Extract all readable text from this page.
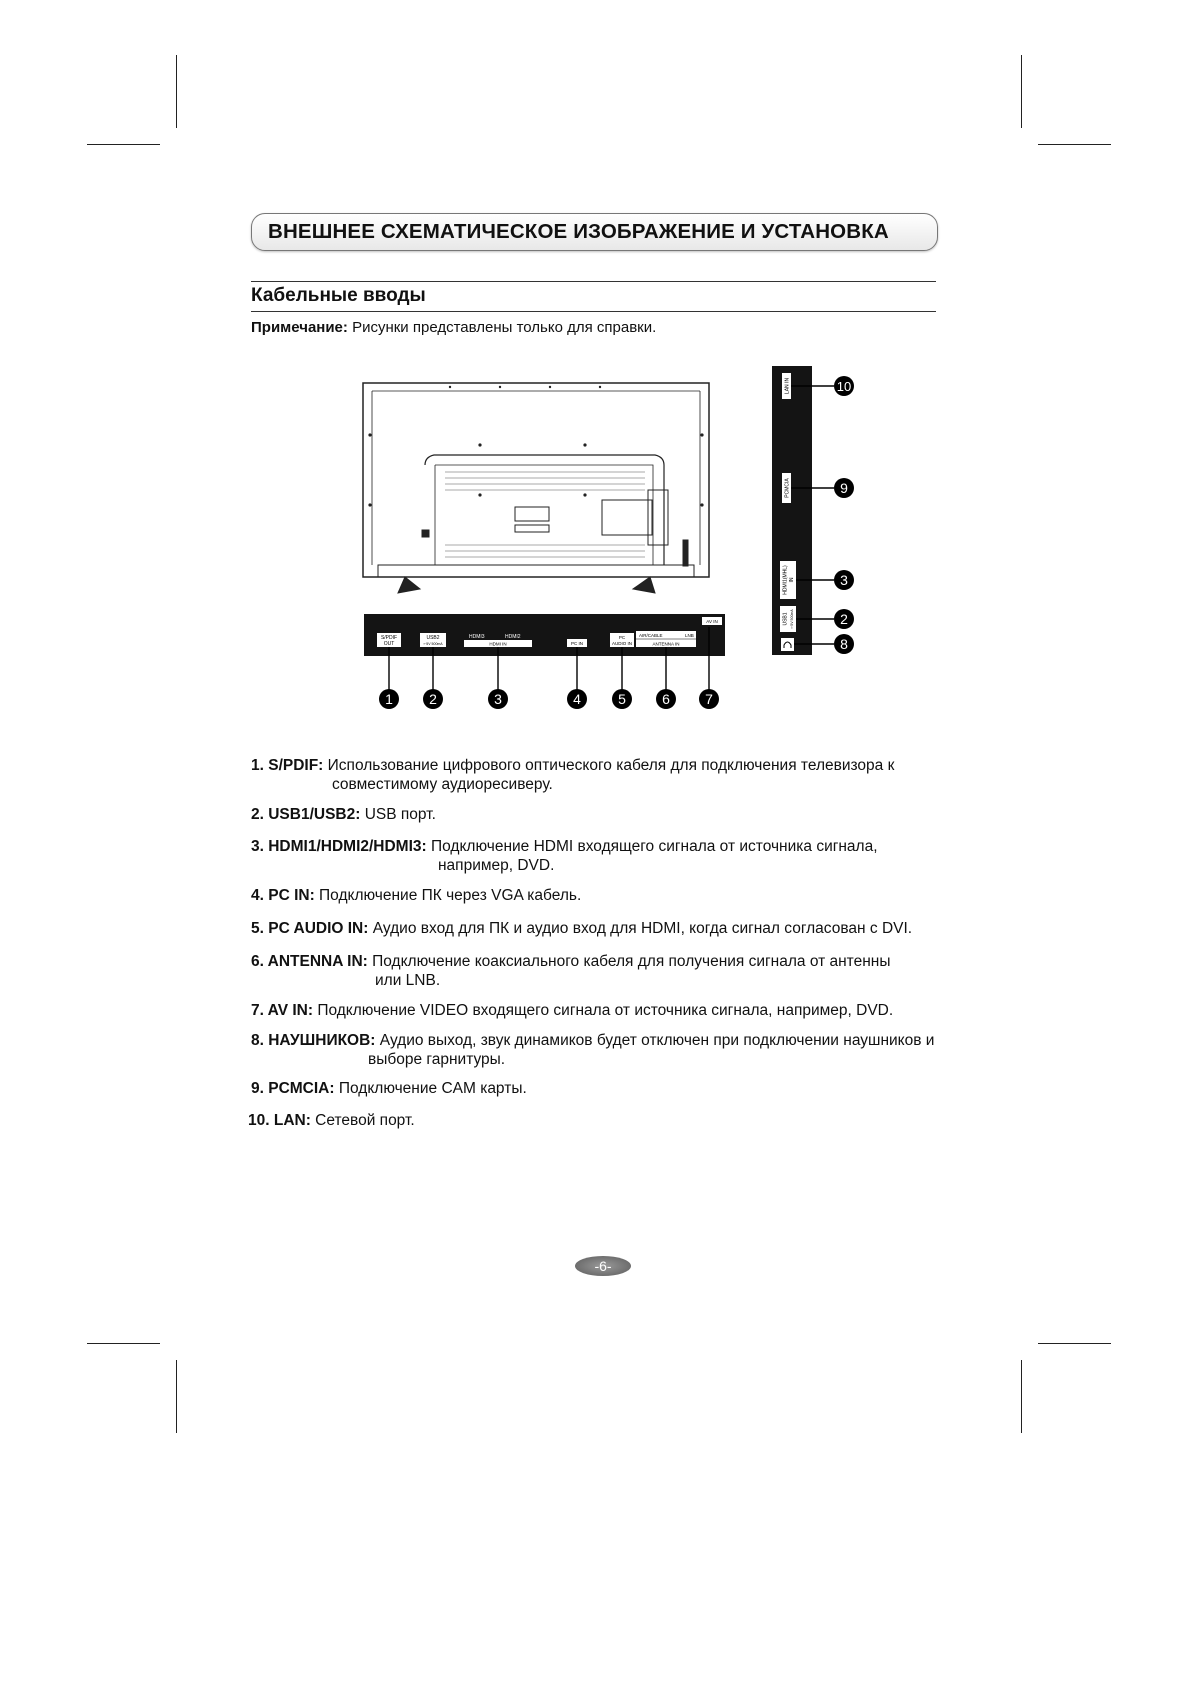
ВНЕШНЕЕ СХЕМАТИЧЕСКОЕ ИЗОБРАЖЕНИЕ И УСТАНОВКА
Кабельные вводы
Примечание: Рисунки представлены только для справки.
S/PDIF
OUT
USB2
⇠5V 500mA
HDMI3	HDMI2
HDMI IN	PC IN
PC
AUDIO IN
AIR/CABLE	LNB
ANTENNA IN
AV IN
1	2	3	4	5	6	7
LAN IN
PCMCIA
HDMI1(MHL) IN
USB1 ⇠5V 500mA
10
9
3
2
8
1. S/PDIF: Использование цифрового оптического кабеля для подключения телевизора к
совместимому аудиоресиверу.
2. USB1/USB2: USB порт.
3. HDMI1/HDMI2/HDMI3: Подключение HDMI входящего сигнала от источника сигнала,
например, DVD.
4. PC IN: Подключение ПК через VGA кабель.
5. PC AUDIO IN: Аудио вход для ПК и аудио вход для HDMI, когда сигнал согласован с DVI.
6. ANTENNA IN: Подключение коаксиального кабеля для получения сигнала от антенны
или LNB.
7. AV IN: Подключение VIDEO входящего сигнала от источника сигнала, например, DVD.
8. НАУШНИКОВ: Аудио выход, звук динамиков будет отключен при подключении наушников и
выборе гарнитуры.
9. PCMCIA: Подключение CAM карты.
10. LAN: Сетевой порт.
-6-
